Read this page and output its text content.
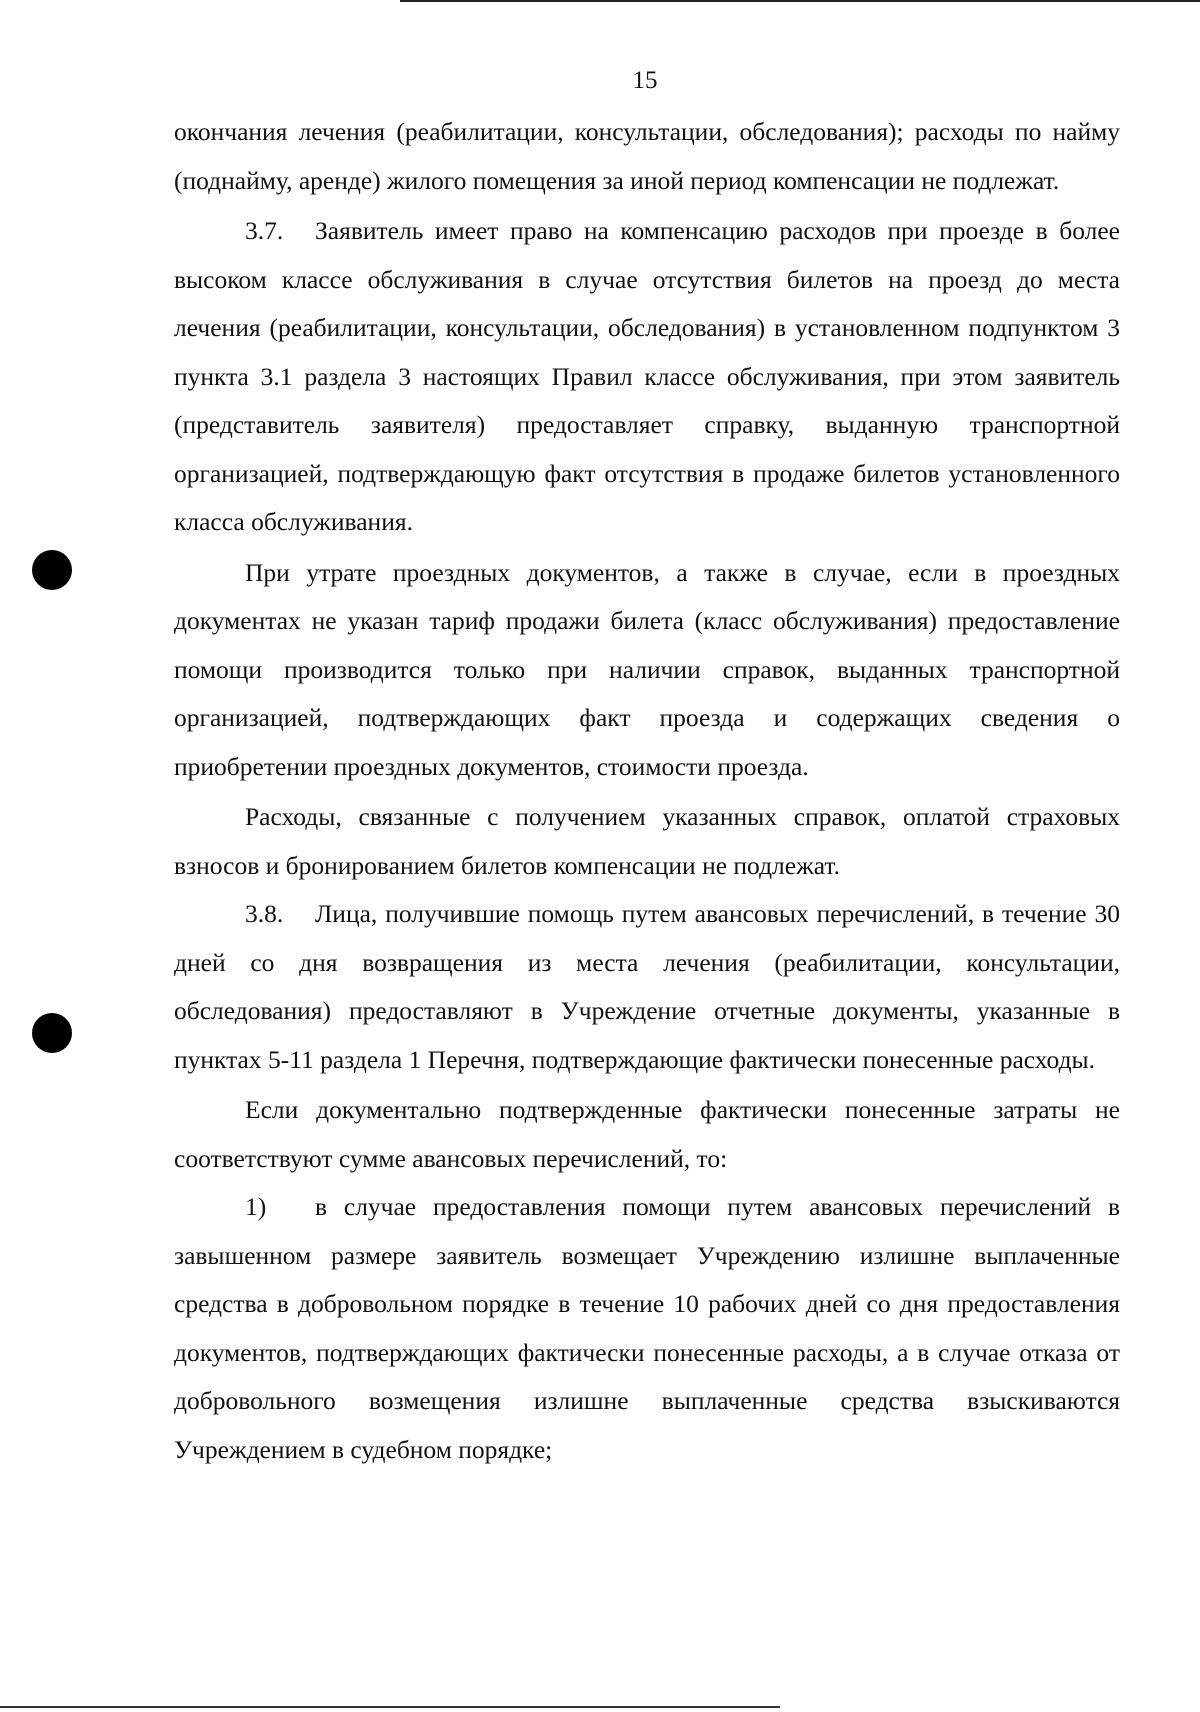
15

окончания лечения (реабилитации, консультации, обследования); расходы по найму (поднайму, аренде) жилого помещения за иной период компенсации не подлежат.

3.7. Заявитель имеет право на компенсацию расходов при проезде в более высоком классе обслуживания в случае отсутствия билетов на проезд до места лечения (реабилитации, консультации, обследования) в установленном подпунктом 3 пункта 3.1 раздела 3 настоящих Правил классе обслуживания, при этом заявитель (представитель заявителя) предоставляет справку, выданную транспортной организацией, подтверждающую факт отсутствия в продаже билетов установленного класса обслуживания.

При утрате проездных документов, а также в случае, если в проездных документах не указан тариф продажи билета (класс обслуживания) предоставление помощи производится только при наличии справок, выданных транспортной организацией, подтверждающих факт проезда и содержащих сведения о приобретении проездных документов, стоимости проезда.

Расходы, связанные с получением указанных справок, оплатой страховых взносов и бронированием билетов компенсации не подлежат.

3.8. Лица, получившие помощь путем авансовых перечислений, в течение 30 дней со дня возвращения из места лечения (реабилитации, консультации, обследования) предоставляют в Учреждение отчетные документы, указанные в пунктах 5-11 раздела 1 Перечня, подтверждающие фактически понесенные расходы.

Если документально подтвержденные фактически понесенные затраты не соответствуют сумме авансовых перечислений, то:

1) в случае предоставления помощи путем авансовых перечислений в завышенном размере заявитель возмещает Учреждению излишне выплаченные средства в добровольном порядке в течение 10 рабочих дней со дня предоставления документов, подтверждающих фактически понесенные расходы, а в случае отказа от добровольного возмещения излишне выплаченные средства взыскиваются Учреждением в судебном порядке;
